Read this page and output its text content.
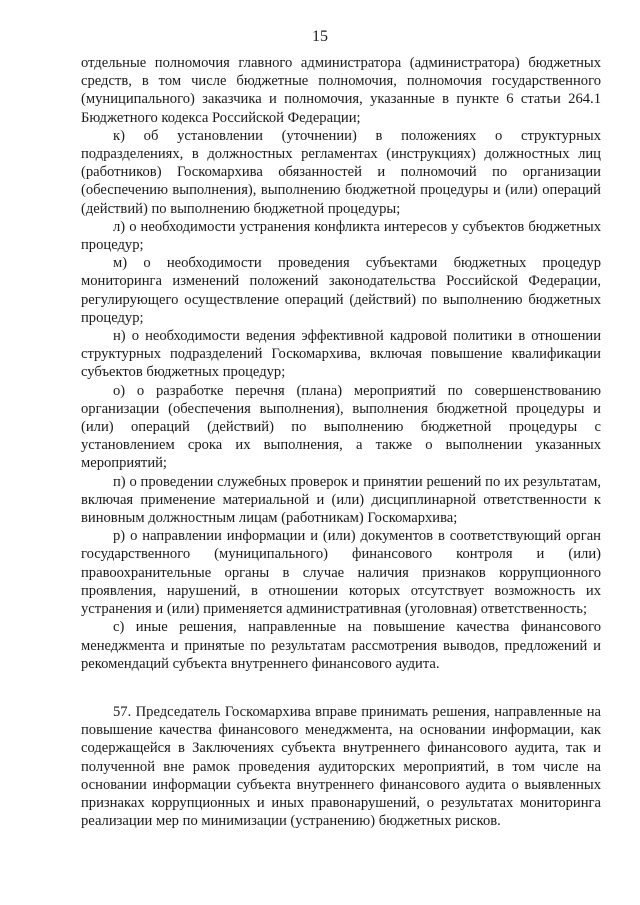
15

отдельные полномочия главного администратора (администратора) бюджетных средств, в том числе бюджетные полномочия, полномочия государственного (муниципального) заказчика и полномочия, указанные в пункте 6 статьи 264.1 Бюджетного кодекса Российской Федерации;

к) об установлении (уточнении) в положениях о структурных подразделениях, в должностных регламентах (инструкциях) должностных лиц (работников) Госкомархива обязанностей и полномочий по организации (обеспечению выполнения), выполнению бюджетной процедуры и (или) операций (действий) по выполнению бюджетной процедуры;

л) о необходимости устранения конфликта интересов у субъектов бюджетных процедур;

м) о необходимости проведения субъектами бюджетных процедур мониторинга изменений положений законодательства Российской Федерации, регулирующего осуществление операций (действий) по выполнению бюджетных процедур;

н) о необходимости ведения эффективной кадровой политики в отношении структурных подразделений Госкомархива, включая повышение квалификации субъектов бюджетных процедур;

о) о разработке перечня (плана) мероприятий по совершенствованию организации (обеспечения выполнения), выполнения бюджетной процедуры и (или) операций (действий) по выполнению бюджетной процедуры с установлением срока их выполнения, а также о выполнении указанных мероприятий;

п) о проведении служебных проверок и принятии решений по их результатам, включая применение материальной и (или) дисциплинарной ответственности к виновным должностным лицам (работникам) Госкомархива;

р) о направлении информации и (или) документов в соответствующий орган государственного (муниципального) финансового контроля и (или) правоохранительные органы в случае наличия признаков коррупционного проявления, нарушений, в отношении которых отсутствует возможность их устранения и (или) применяется административная (уголовная) ответственность;

с) иные решения, направленные на повышение качества финансового менеджмента и принятые по результатам рассмотрения выводов, предложений и рекомендаций субъекта внутреннего финансового аудита.

57. Председатель Госкомархива вправе принимать решения, направленные на повышение качества финансового менеджмента, на основании информации, как содержащейся в Заключениях субъекта внутреннего финансового аудита, так и полученной вне рамок проведения аудиторских мероприятий, в том числе на основании информации субъекта внутреннего финансового аудита о выявленных признаках коррупционных и иных правонарушений, о результатах мониторинга реализации мер по минимизации (устранению) бюджетных рисков.
